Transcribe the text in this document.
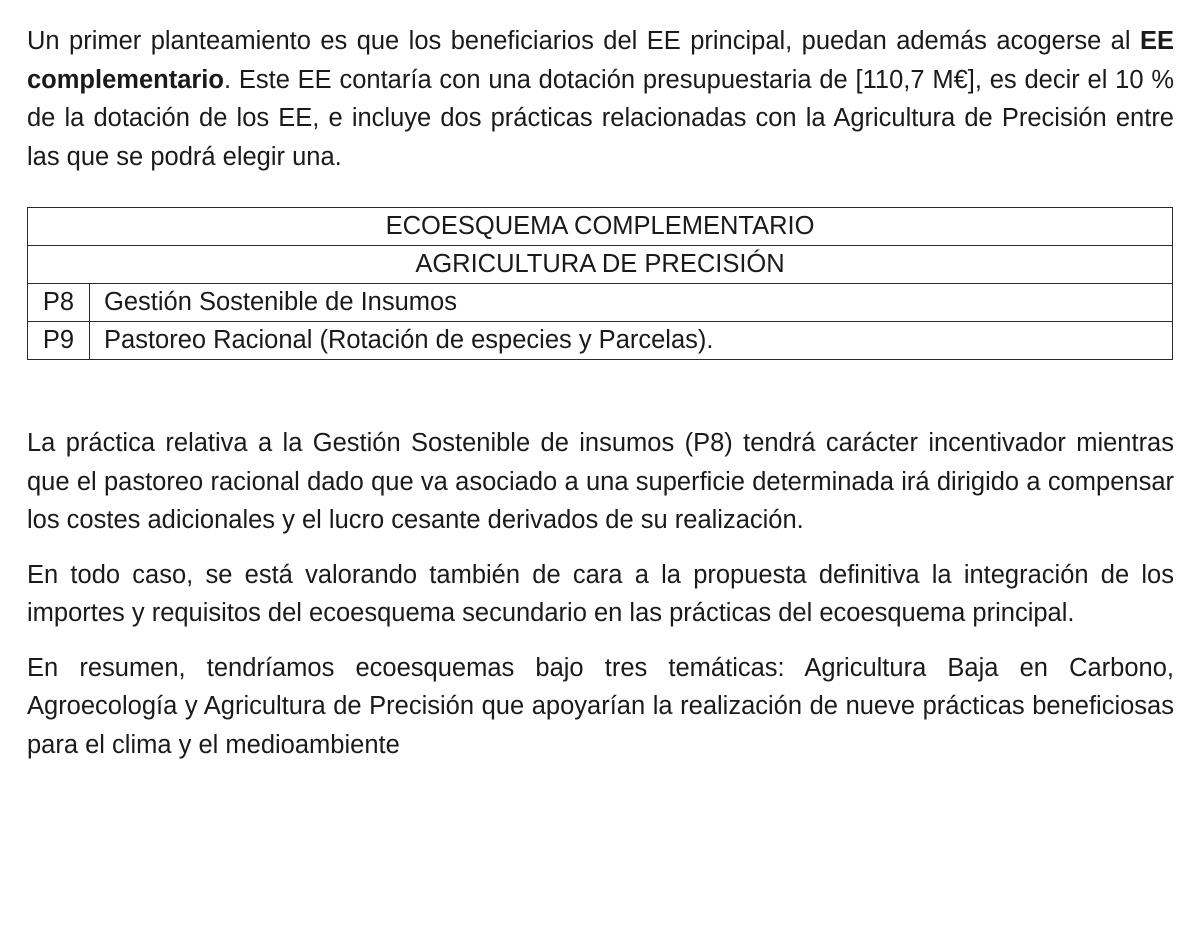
Un primer planteamiento es que los beneficiarios del EE principal, puedan además acogerse al EE complementario. Este EE contaría con una dotación presupuestaria de [110,7 M€], es decir el 10 % de la dotación de los EE, e incluye dos prácticas relacionadas con la Agricultura de Precisión entre las que se podrá elegir una.

ECOESQUEMA COMPLEMENTARIO	
AGRICULTURA DE PRECISIÓN	
P8	Gestión Sostenible de Insumos
P9	Pastoreo Racional (Rotación de especies y Parcelas).

La práctica relativa a la Gestión Sostenible de insumos (P8) tendrá carácter incentivador mientras que el pastoreo racional dado que va asociado a una superficie determinada irá dirigido a compensar los costes adicionales y el lucro cesante derivados de su realización.

En todo caso, se está valorando también de cara a la propuesta definitiva la integración de los importes y requisitos del ecoesquema secundario en las prácticas del ecoesquema principal.

En resumen, tendríamos ecoesquemas bajo tres temáticas: Agricultura Baja en Carbono, Agroecología y Agricultura de Precisión que apoyarían la realización de nueve prácticas beneficiosas para el clima y el medioambiente
